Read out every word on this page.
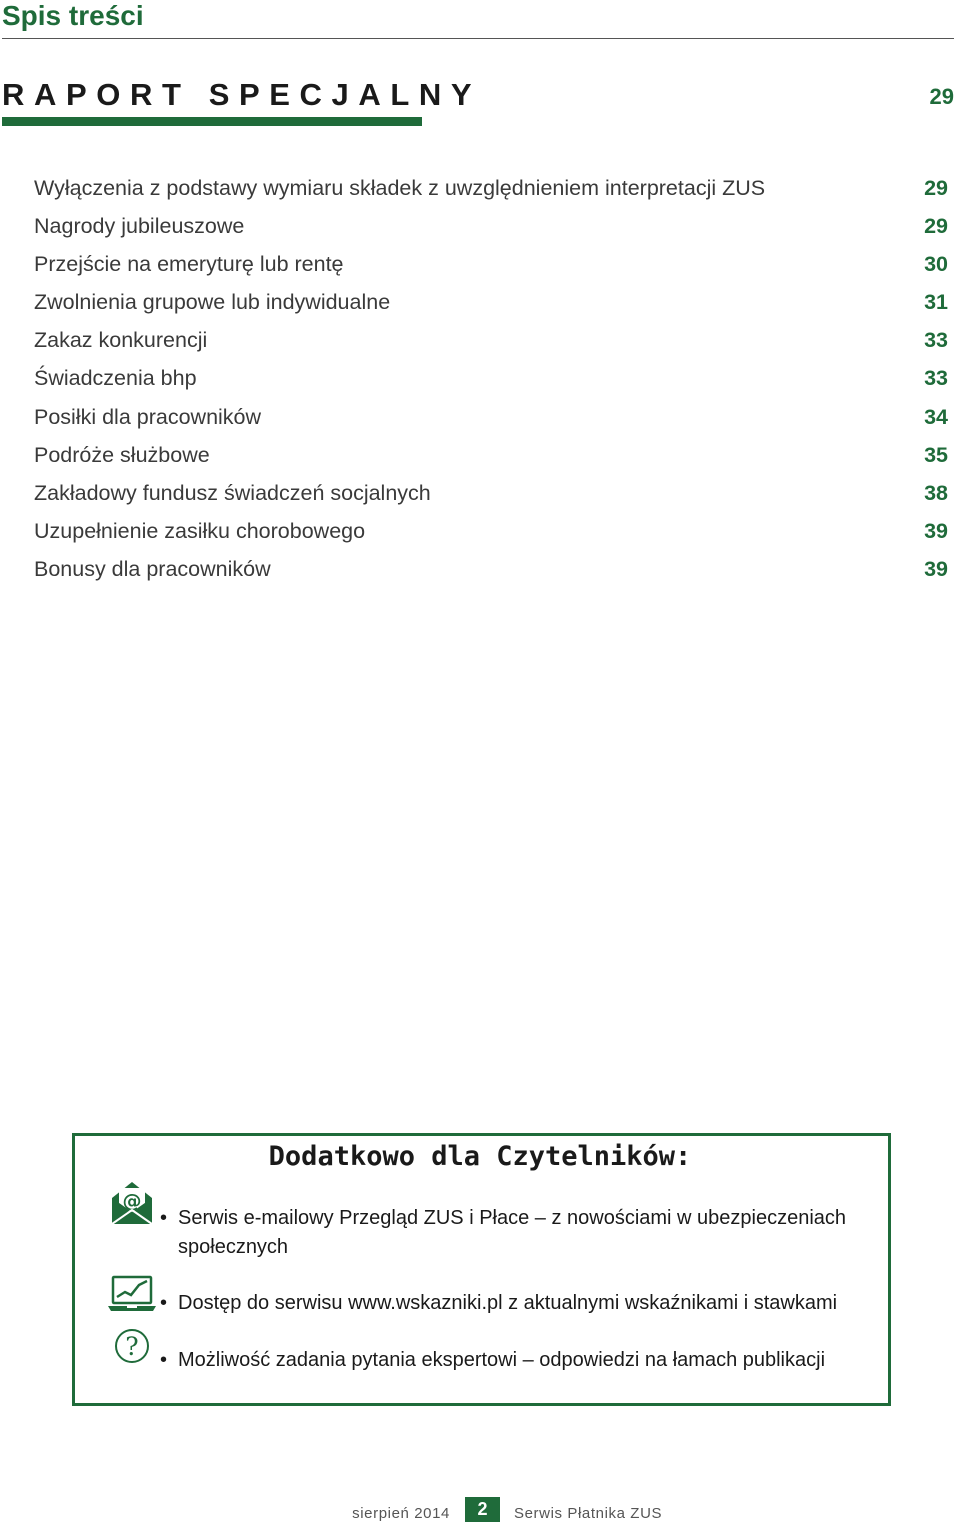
Spis treści
RAPORT SPECJALNY	29
Wyłączenia z podstawy wymiaru składek z uwzględnieniem interpretacji ZUS	29
Nagrody jubileuszowe	29
Przejście na emeryturę lub rentę	30
Zwolnienia grupowe lub indywidualne	31
Zakaz konkurencji	33
Świadczenia bhp	33
Posiłki dla pracowników	34
Podróże służbowe	35
Zakładowy fundusz świadczeń socjalnych	38
Uzupełnienie zasiłku chorobowego	39
Bonusy dla pracowników	39
Dodatkowo dla Czytelników:
@
?
• Serwis e-mailowy Przegląd ZUS i Płace – z nowościami w ubezpieczeniach społecznych
• Dostęp do serwisu www.wskazniki.pl z aktualnymi wskaźnikami i stawkami
• Możliwość zadania pytania ekspertowi – odpowiedzi na łamach publikacji
sierpień 2014	2	Serwis Płatnika ZUS
